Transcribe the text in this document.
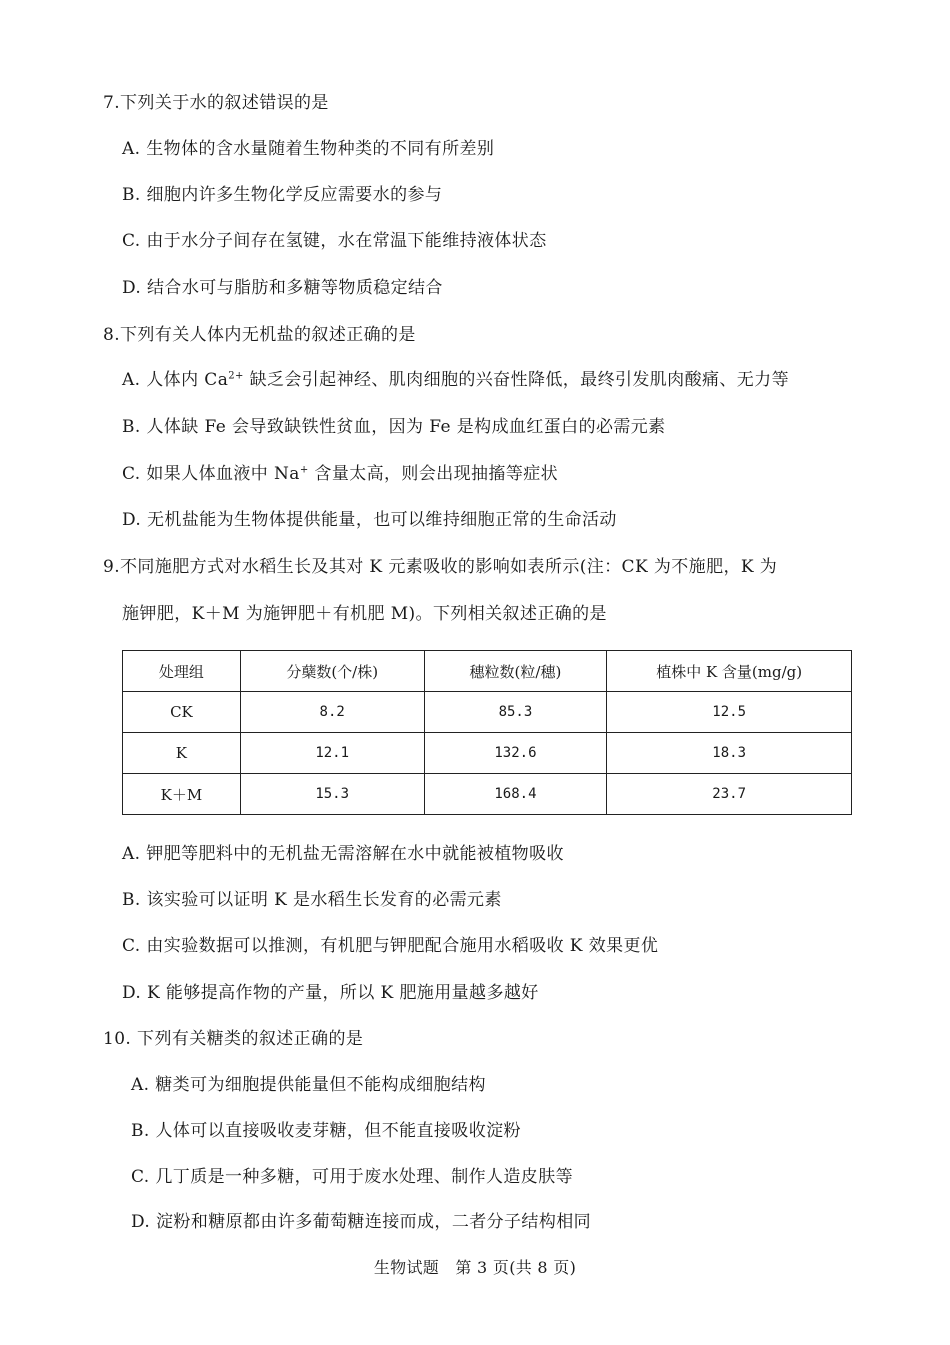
7.下列关于水的叙述错误的是
A. 生物体的含水量随着生物种类的不同有所差别
B. 细胞内许多生物化学反应需要水的参与
C. 由于水分子间存在氢键，水在常温下能维持液体状态
D. 结合水可与脂肪和多糖等物质稳定结合
8.下列有关人体内无机盐的叙述正确的是
A. 人体内 $Ca^{2+}$ 缺乏会引起神经、肌肉细胞的兴奋性降低，最终引发肌肉酸痛、无力等
B. 人体缺 Fe 会导致缺铁性贫血，因为 Fe 是构成血红蛋白的必需元素
C. 如果人体血液中 Na+ 含量太高，则会出现抽搐等症状
D. 无机盐能为生物体提供能量，也可以维持细胞正常的生命活动
9.不同施肥方式对水稻生长及其对 K 元素吸收的影响如表所示(注：CK 为不施肥，K 为
施钾肥，K＋M 为施钾肥＋有机肥 M)。下列相关叙述正确的是
处理组	分蘖数(个/株)	穗粒数(粒/穗)	植株中 K 含量(mg/g)
CK	8.2	85.3	12.5
K	12.1	132.6	18.3
K＋M	15.3	168.4	23.7
A. 钾肥等肥料中的无机盐无需溶解在水中就能被植物吸收
B. 该实验可以证明 K 是水稻生长发育的必需元素
C. 由实验数据可以推测，有机肥与钾肥配合施用水稻吸收 K 效果更优
D. K 能够提高作物的产量，所以 K 肥施用量越多越好
10. 下列有关糖类的叙述正确的是
A. 糖类可为细胞提供能量但不能构成细胞结构
B. 人体可以直接吸收麦芽糖，但不能直接吸收淀粉
C. 几丁质是一种多糖，可用于废水处理、制作人造皮肤等
D. 淀粉和糖原都由许多葡萄糖连接而成，二者分子结构相同
生物试题　第 3 页(共 8 页)
